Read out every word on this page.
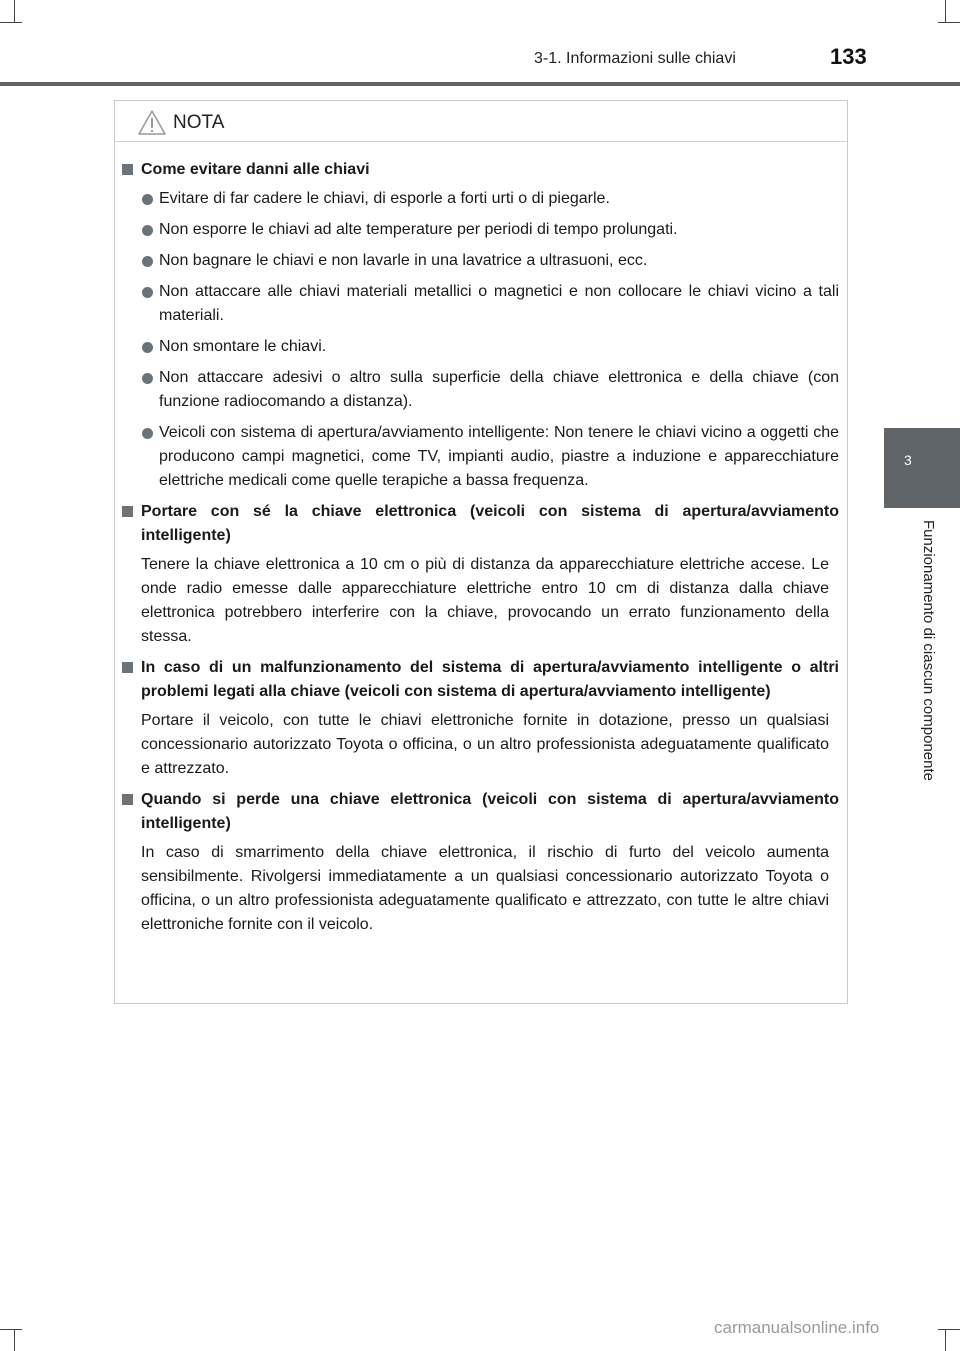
3-1. Informazioni sulle chiavi	133
3
Funzionamento di ciascun componente
NOTA
Come evitare danni alle chiavi
Evitare di far cadere le chiavi, di esporle a forti urti o di piegarle.
Non esporre le chiavi ad alte temperature per periodi di tempo prolungati.
Non bagnare le chiavi e non lavarle in una lavatrice a ultrasuoni, ecc.
Non attaccare alle chiavi materiali metallici o magnetici e non collocare le chiavi vicino a tali materiali.
Non smontare le chiavi.
Non attaccare adesivi o altro sulla superficie della chiave elettronica e della chiave (con funzione radiocomando a distanza).
Veicoli con sistema di apertura/avviamento intelligente: Non tenere le chiavi vicino a oggetti che producono campi magnetici, come TV, impianti audio, piastre a induzione e apparecchiature elettriche medicali come quelle terapiche a bassa frequenza.
Portare con sé la chiave elettronica (veicoli con sistema di apertura/avviamento intelligente)
Tenere la chiave elettronica a 10 cm o più di distanza da apparecchiature elettriche accese. Le onde radio emesse dalle apparecchiature elettriche entro 10 cm di distanza dalla chiave elettronica potrebbero interferire con la chiave, provocando un errato funzionamento della stessa.
In caso di un malfunzionamento del sistema di apertura/avviamento intelligente o altri problemi legati alla chiave (veicoli con sistema di apertura/avviamento intelligente)
Portare il veicolo, con tutte le chiavi elettroniche fornite in dotazione, presso un qualsiasi concessionario autorizzato Toyota o officina, o un altro professionista adeguatamente qualificato e attrezzato.
Quando si perde una chiave elettronica (veicoli con sistema di apertura/avviamento intelligente)
In caso di smarrimento della chiave elettronica, il rischio di furto del veicolo aumenta sensibilmente. Rivolgersi immediatamente a un qualsiasi concessionario autorizzato Toyota o officina, o un altro professionista adeguatamente qualificato e attrezzato, con tutte le altre chiavi elettroniche fornite con il veicolo.
carmanualsonline.info
